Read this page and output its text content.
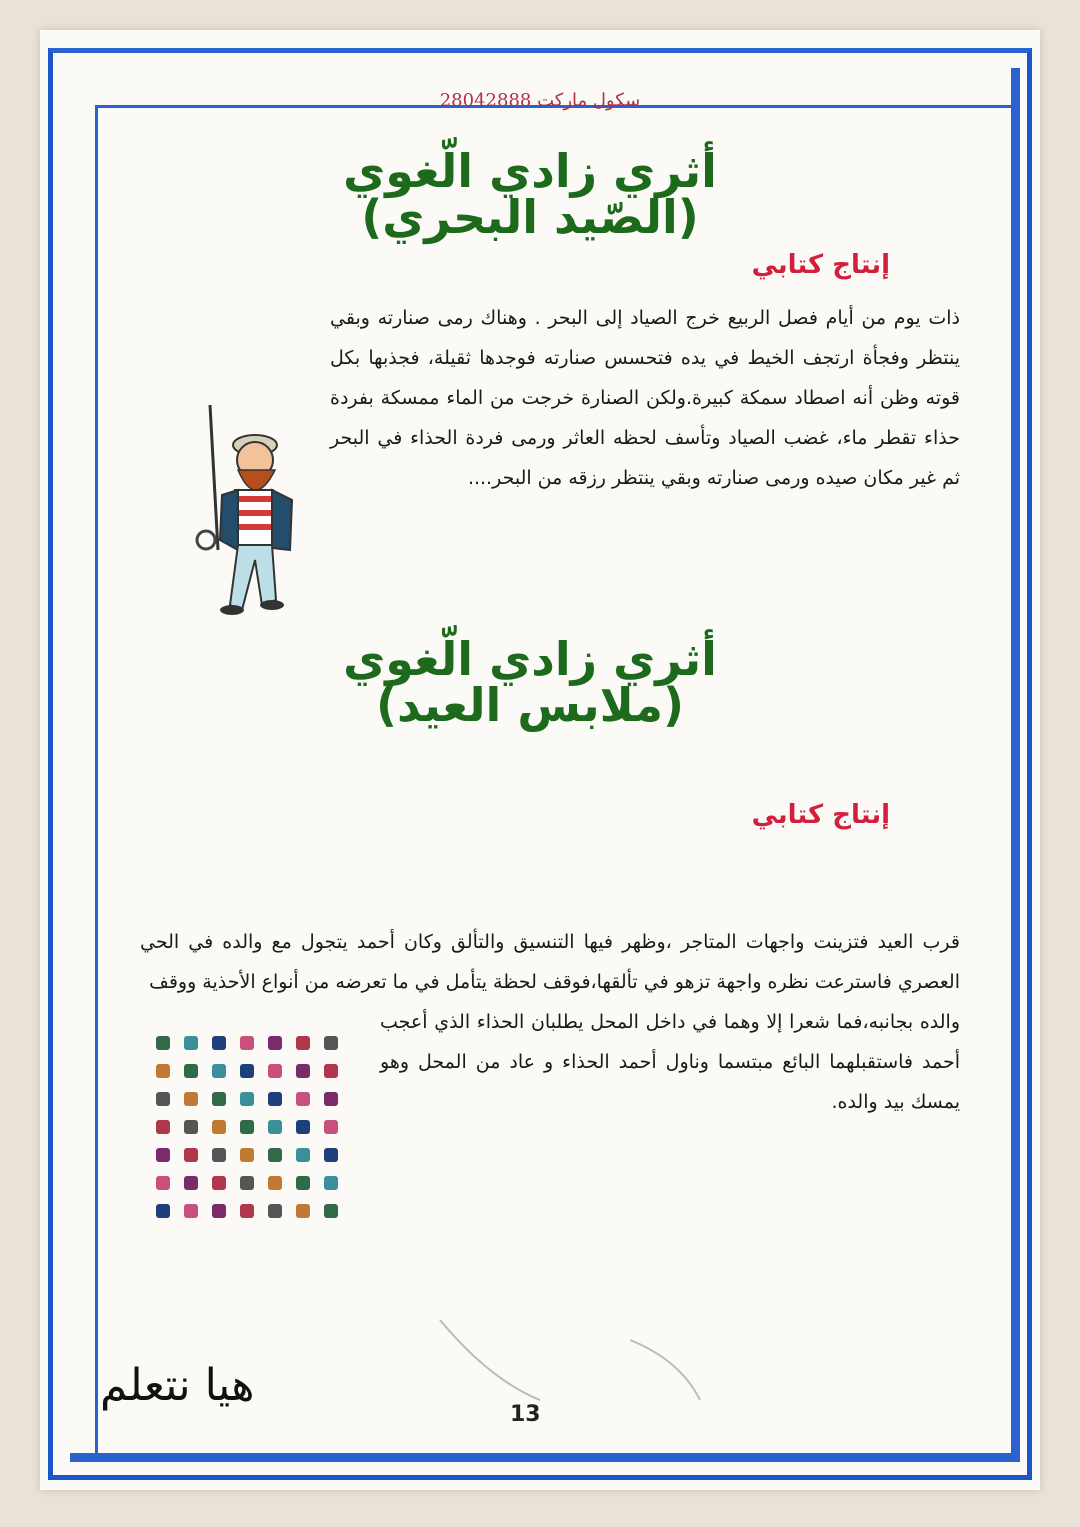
سكول ماركت 28042888
أثري زادي الّغوي
(الصّيد البحري)
إنتاج كتابي
ذات يوم من أيام فصل الربيع خرج الصياد إلى البحر . وهناك رمى صنارته وبقي ينتظر وفجأة ارتجف الخيط في يده فتحسس صنارته فوجدها ثقيلة، فجذبها بكل قوته وظن أنه اصطاد سمكة كبيرة.ولكن الصنارة خرجت من الماء ممسكة بفردة حذاء تقطر ماء، غضب الصياد وتأسف لحظه العاثر ورمى فردة الحذاء في البحر ثم غير مكان صيده ورمى صنارته وبقي ينتظر رزقه من البحر....
أثري زادي الّغوي
(ملابس العيد)
إنتاج كتابي
قرب العيد فتزينت واجهات المتاجر ،وظهر فيها التنسيق والتألق وكان أحمد يتجول مع والده في الحي العصري فاسترعت نظره واجهة تزهو في تألقها،فوقف لحظة يتأمل في ما تعرضه من أنواع الأحذية ووقف
هيا نتعلم
13
والده بجانبه،فما شعرا إلا وهما في داخل المحل يطلبان الحذاء الذي أعجب أحمد فاستقبلهما البائع مبتسما وناول أحمد الحذاء و عاد من المحل وهو يمسك بيد والده.
